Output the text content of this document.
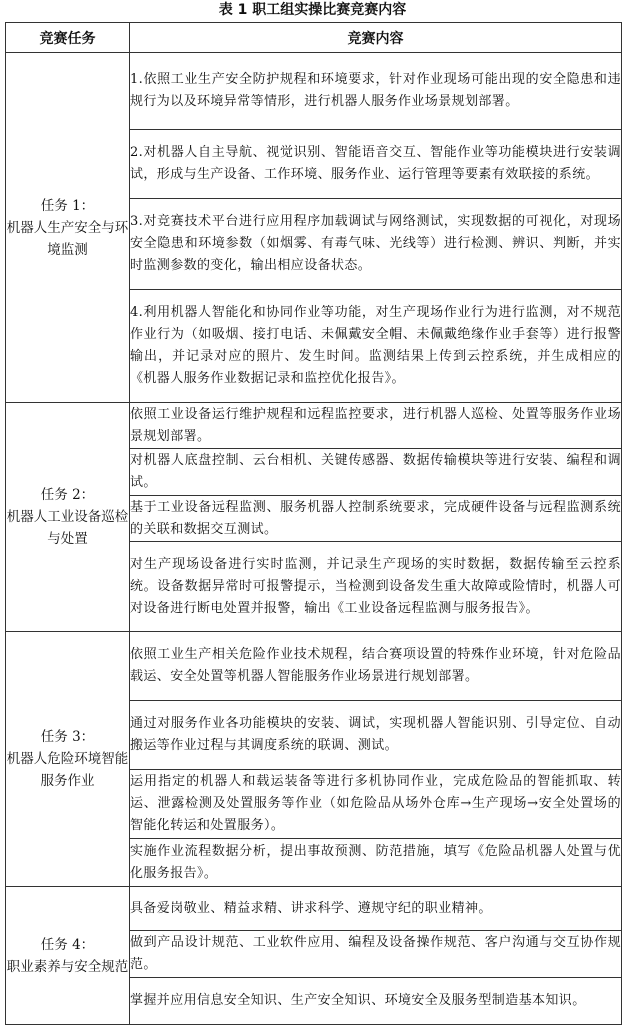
表 1 职工组实操比赛竞赛内容
竞赛任务	竞赛内容

任务 1：
机器人生产安全与环境监测	1.依照工业生产安全防护规程和环境要求，针对作业现场可能出现的安全隐患和违规行为以及环境异常等情形，进行机器人服务作业场景规划部署。
	2.对机器人自主导航、视觉识别、智能语音交互、智能作业等功能模块进行安装调试，形成与生产设备、工作环境、服务作业、运行管理等要素有效联接的系统。
	3.对竞赛技术平台进行应用程序加载调试与网络测试，实现数据的可视化，对现场安全隐患和环境参数（如烟雾、有毒气味、光线等）进行检测、辨识、判断，并实时监测参数的变化，输出相应设备状态。
	4.利用机器人智能化和协同作业等功能，对生产现场作业行为进行监测，对不规范作业行为（如吸烟、接打电话、未佩戴安全帽、未佩戴绝缘作业手套等）进行报警输出，并记录对应的照片、发生时间。监测结果上传到云控系统，并生成相应的《机器人服务作业数据记录和监控优化报告》。

任务 2：
机器人工业设备巡检与处置	依照工业设备运行维护规程和远程监控要求，进行机器人巡检、处置等服务作业场景规划部署。
	对机器人底盘控制、云台相机、关键传感器、数据传输模块等进行安装、编程和调试。
	基于工业设备远程监测、服务机器人控制系统要求，完成硬件设备与远程监测系统的关联和数据交互测试。
	对生产现场设备进行实时监测，并记录生产现场的实时数据，数据传输至云控系统。设备数据异常时可报警提示，当检测到设备发生重大故障或险情时，机器人可对设备进行断电处置并报警，输出《工业设备远程监测与服务报告》。

任务 3：
机器人危险环境智能服务作业	依照工业生产相关危险作业技术规程，结合赛项设置的特殊作业环境，针对危险品载运、安全处置等机器人智能服务作业场景进行规划部署。
	通过对服务作业各功能模块的安装、调试，实现机器人智能识别、引导定位、自动搬运等作业过程与其调度系统的联调、测试。
	运用指定的机器人和载运装备等进行多机协同作业，完成危险品的智能抓取、转运、泄露检测及处置服务等作业（如危险品从场外仓库→生产现场→安全处置场的智能化转运和处置服务）。
	实施作业流程数据分析，提出事故预测、防范措施，填写《危险品机器人处置与优化服务报告》。

任务 4：
职业素养与安全规范	具备爱岗敬业、精益求精、讲求科学、遵规守纪的职业精神。
	做到产品设计规范、工业软件应用、编程及设备操作规范、客户沟通与交互协作规范。
	掌握并应用信息安全知识、生产安全知识、环境安全及服务型制造基本知识。
